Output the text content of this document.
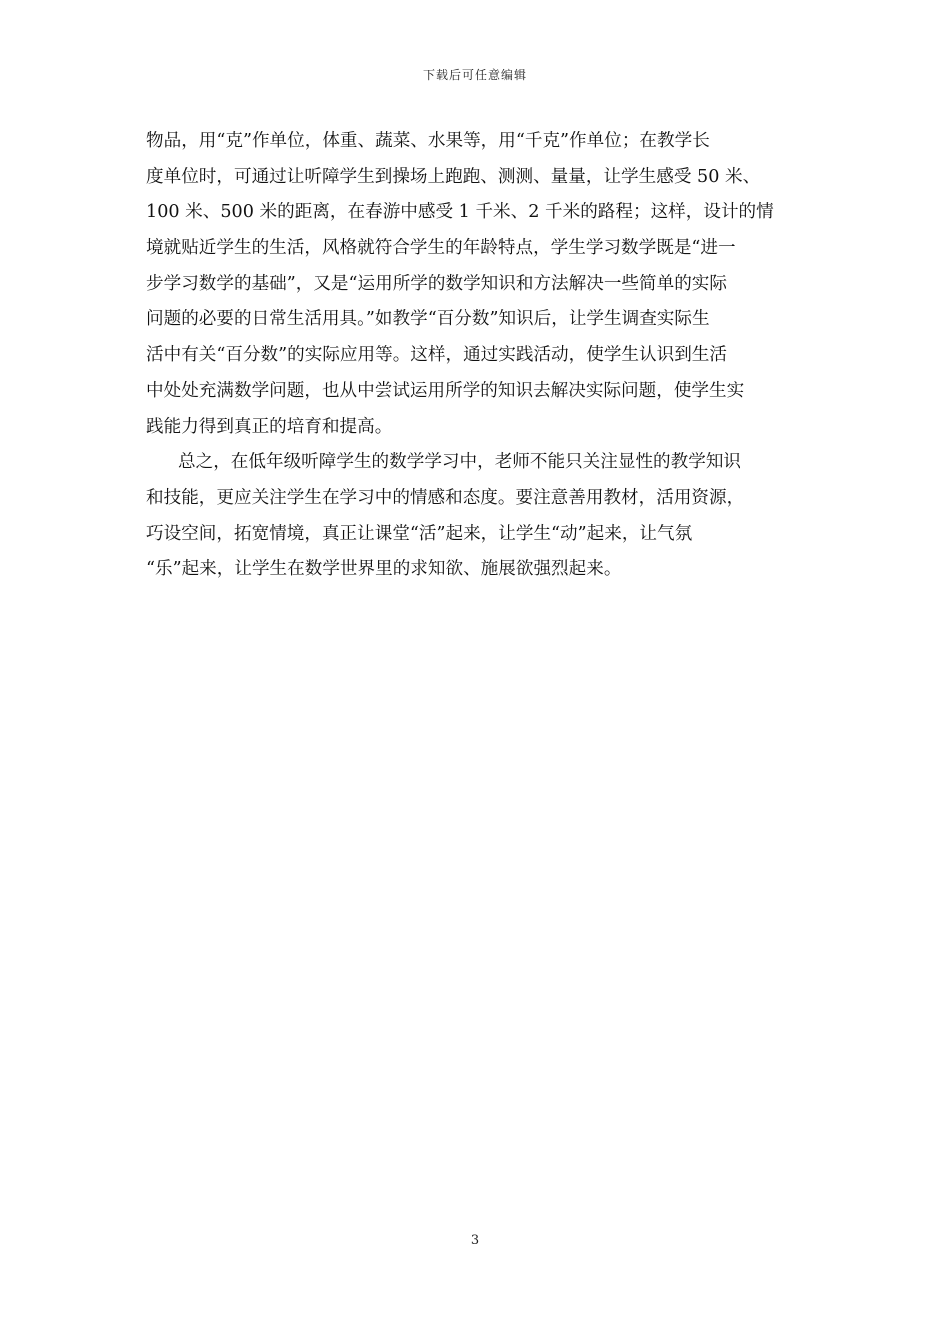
下载后可任意编辑
物品，用“克”作单位，体重、蔬菜、水果等，用“千克”作单位；在教学长
度单位时，可通过让听障学生到操场上跑跑、测测、量量，让学生感受 50 米、
100 米、500 米的距离，在春游中感受 1 千米、2 千米的路程；这样，设计的情
境就贴近学生的生活，风格就符合学生的年龄特点，学生学习数学既是“进一
步学习数学的基础”，又是“运用所学的数学知识和方法解决一些简单的实际
问题的必要的日常生活用具。”如教学“百分数”知识后，让学生调查实际生
活中有关“百分数”的实际应用等。这样，通过实践活动，使学生认识到生活
中处处充满数学问题，也从中尝试运用所学的知识去解决实际问题，使学生实
践能力得到真正的培育和提高。
总之，在低年级听障学生的数学学习中，老师不能只关注显性的教学知识
和技能，更应关注学生在学习中的情感和态度。要注意善用教材，活用资源，
巧设空间，拓宽情境，真正让课堂“活”起来，让学生“动”起来，让气氛
“乐”起来，让学生在数学世界里的求知欲、施展欲强烈起来。
3
